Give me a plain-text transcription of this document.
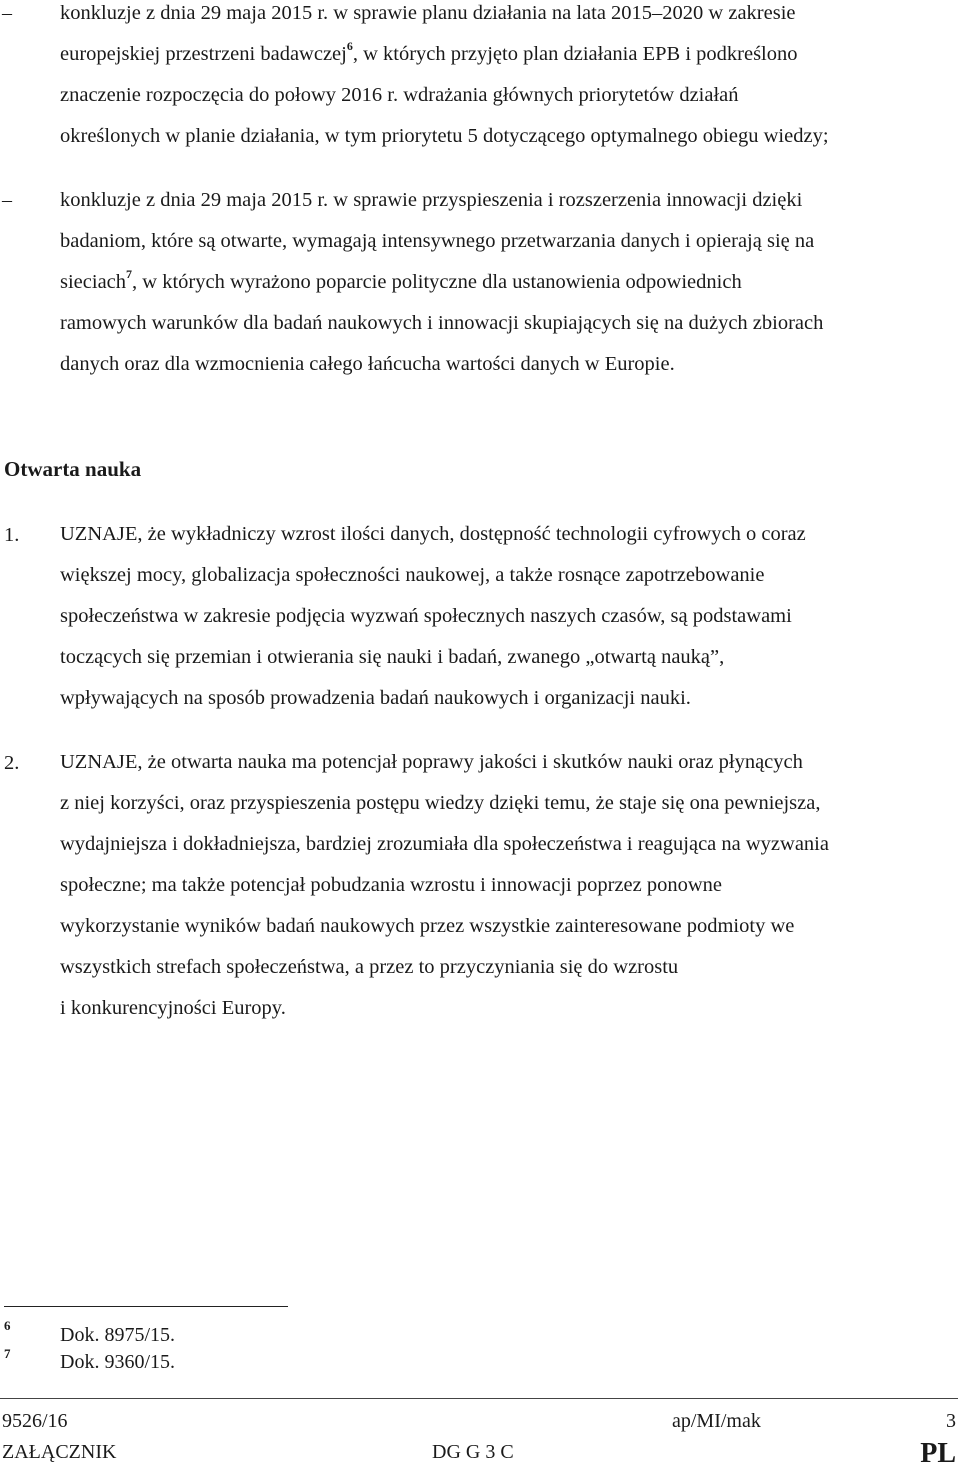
– konkluzje z dnia 29 maja 2015 r. w sprawie planu działania na lata 2015–2020 w zakresie
europejskiej przestrzeni badawczej$^6$, w których przyjęto plan działania EPB i podkreślono
znaczenie rozpoczęcia do połowy 2016 r. wdrażania głównych priorytetów działań
określonych w planie działania, w tym priorytetu 5 dotyczącego optymalnego obiegu wiedzy;
– konkluzje z dnia 29 maja 2015 r. w sprawie przyspieszenia i rozszerzenia innowacji dzięki
badaniom, które są otwarte, wymagają intensywnego przetwarzania danych i opierają się na
sieciach$^7$, w których wyrażono poparcie polityczne dla ustanowienia odpowiednich
ramowych warunków dla badań naukowych i innowacji skupiających się na dużych zbiorach
danych oraz dla wzmocnienia całego łańcucha wartości danych w Europie.
Otwarta nauka
1. UZNAJE, że wykładniczy wzrost ilości danych, dostępność technologii cyfrowych o coraz
większej mocy, globalizacja społeczności naukowej, a także rosnące zapotrzebowanie
społeczeństwa w zakresie podjęcia wyzwań społecznych naszych czasów, są podstawami
toczących się przemian i otwierania się nauki i badań, zwanego „otwartą nauką”,
wpływających na sposób prowadzenia badań naukowych i organizacji nauki.
2. UZNAJE, że otwarta nauka ma potencjał poprawy jakości i skutków nauki oraz płynących
z niej korzyści, oraz przyspieszenia postępu wiedzy dzięki temu, że staje się ona pewniejsza,
wydajniejsza i dokładniejsza, bardziej zrozumiała dla społeczeństwa i reagująca na wyzwania
społeczne; ma także potencjał pobudzania wzrostu i innowacji poprzez ponowne
wykorzystanie wyników badań naukowych przez wszystkie zainteresowane podmioty we
wszystkich strefach społeczeństwa, a przez to przyczyniania się do wzrostu
i konkurencyjności Europy.
6 Dok. 8975/15.
7 Dok. 9360/15.
9526/16	ap/MI/mak	3
ZAŁĄCZNIK	DG G 3 C	PL
